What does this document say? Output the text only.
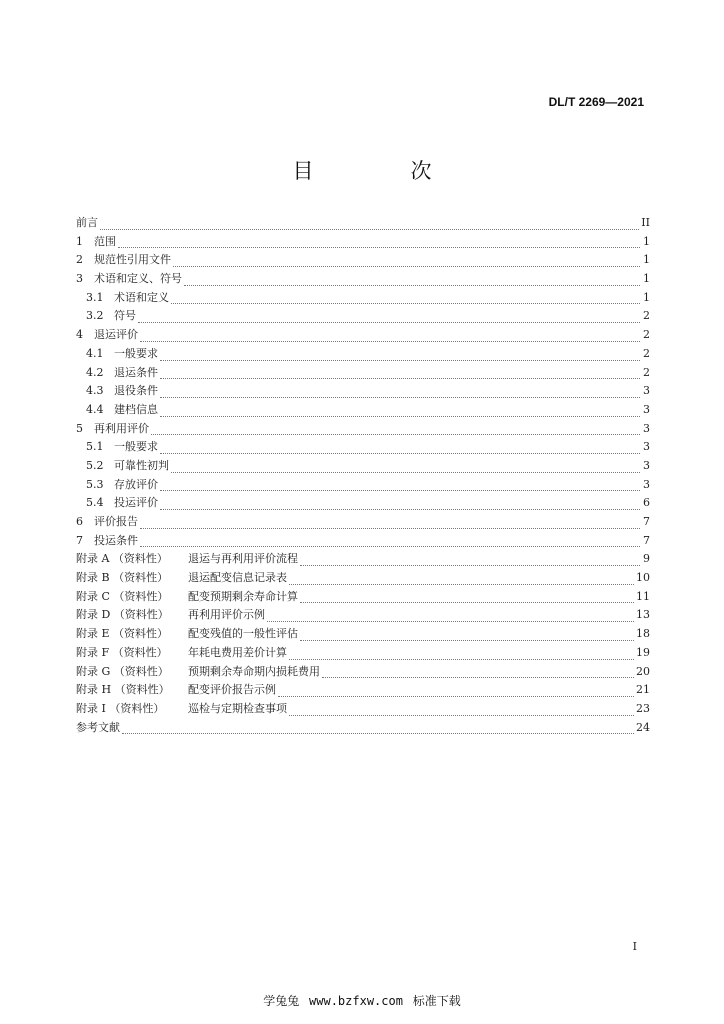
DL/T 2269—2021
目　次
前言	II
1	范围	1
2	规范性引用文件	1
3	术语和定义、符号	1
3.1 术语和定义	1
3.2 符号	2
4	退运评价	2
4.1 一般要求	2
4.2 退运条件	2
4.3 退役条件	3
4.4 建档信息	3
5	再利用评价	3
5.1 一般要求	3
5.2 可靠性初判	3
5.3 存放评价	3
5.4 投运评价	6
6	评价报告	7
7	投运条件	7
附录 A （资料性）	退运与再利用评价流程	9
附录 B （资料性）	退运配变信息记录表	10
附录 C （资料性）	配变预期剩余寿命计算	11
附录 D （资料性）	再利用评价示例	13
附录 E （资料性）	配变残值的一般性评估	18
附录 F （资料性）	年耗电费用差价计算	19
附录 G （资料性）	预期剩余寿命期内损耗费用	20
附录 H （资料性）	配变评价报告示例	21
附录 I （资料性）	巡检与定期检查事项	23
参考文献	24
I
学兔兔 www.bzfxw.com 标准下载
